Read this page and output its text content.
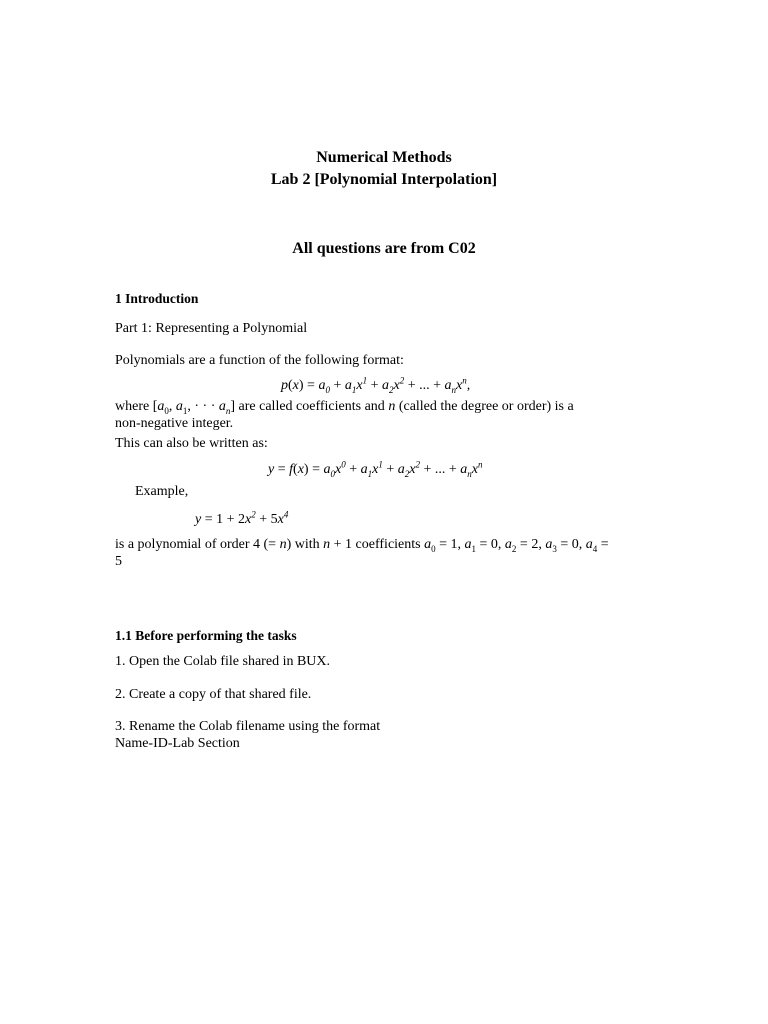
Numerical Methods
Lab 2 [Polynomial Interpolation]
All questions are from C02
1 Introduction
Part 1: Representing a Polynomial
Polynomials are a function of the following format:
$p(x) = a_0 + a_1x^1 + a_2x^2$ + ... + $a_nx^n$,
where [$a_0$, $a_1$, · · · $a_n$] are called coefficients and n (called the degree or order) is a
non-negative integer.
This can also be written as:
$y = f(x) = a_0x^0 + a_1x^1 + a_2x^2$ + ... + $a_nx^n$
Example,
$y = 1 + 2x^2 + 5x^4$
is a polynomial of order 4 (= n) with n + 1 coefficients $a_0 = 1$, $a_1 = 0$, $a_2 = 2$, $a_3 = 0$, $a_4$ =
5
1.1 Before performing the tasks
1. Open the Colab file shared in BUX.
2. Create a copy of that shared file.
3. Rename the Colab filename using the format
Name-ID-Lab Section
